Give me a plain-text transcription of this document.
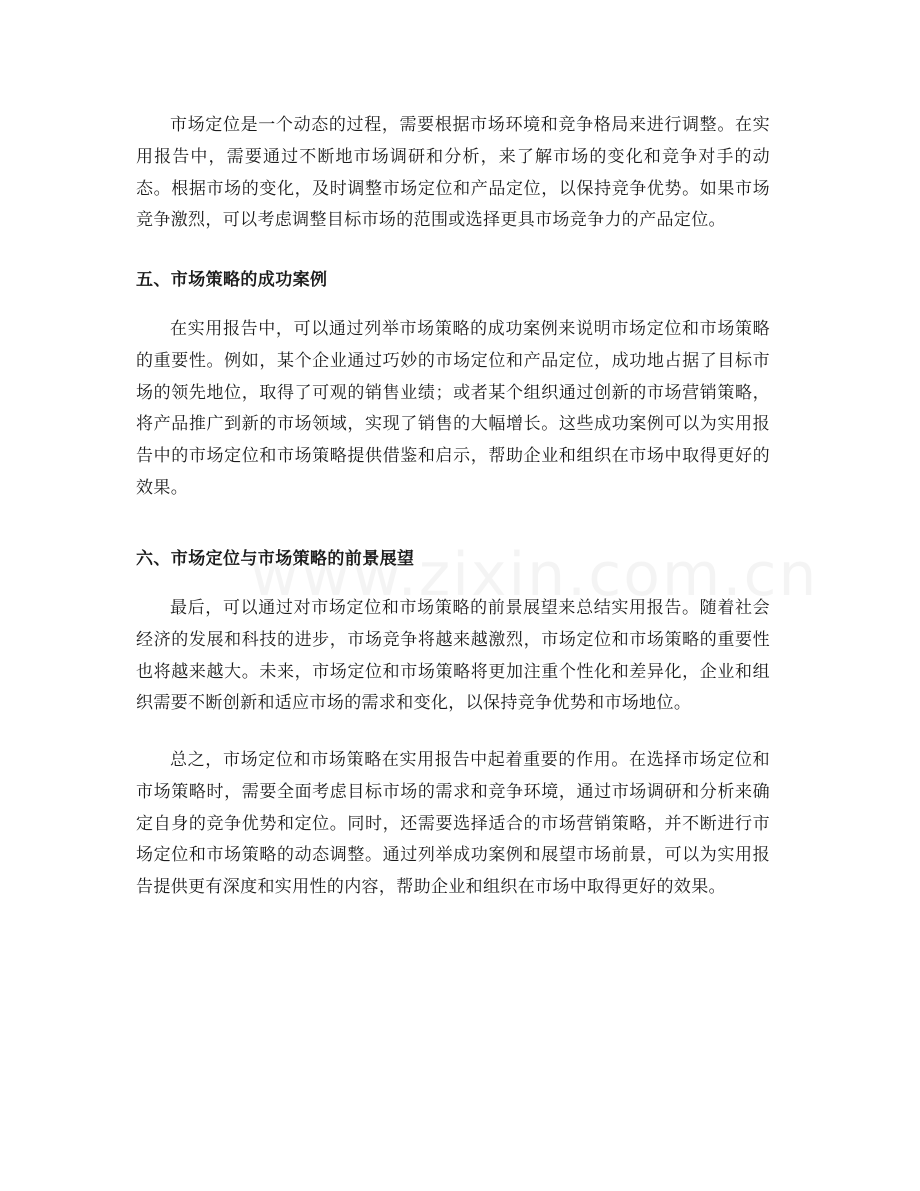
市场定位是一个动态的过程，需要根据市场环境和竞争格局来进行调整。在实用报告中，需要通过不断地市场调研和分析，来了解市场的变化和竞争对手的动态。根据市场的变化，及时调整市场定位和产品定位，以保持竞争优势。如果市场竞争激烈，可以考虑调整目标市场的范围或选择更具市场竞争力的产品定位。

五、市场策略的成功案例

在实用报告中，可以通过列举市场策略的成功案例来说明市场定位和市场策略的重要性。例如，某个企业通过巧妙的市场定位和产品定位，成功地占据了目标市场的领先地位，取得了可观的销售业绩；或者某个组织通过创新的市场营销策略，将产品推广到新的市场领域，实现了销售的大幅增长。这些成功案例可以为实用报告中的市场定位和市场策略提供借鉴和启示，帮助企业和组织在市场中取得更好的效果。

六、市场定位与市场策略的前景展望

最后，可以通过对市场定位和市场策略的前景展望来总结实用报告。随着社会经济的发展和科技的进步，市场竞争将越来越激烈，市场定位和市场策略的重要性也将越来越大。未来，市场定位和市场策略将更加注重个性化和差异化，企业和组织需要不断创新和适应市场的需求和变化，以保持竞争优势和市场地位。

总之，市场定位和市场策略在实用报告中起着重要的作用。在选择市场定位和市场策略时，需要全面考虑目标市场的需求和竞争环境，通过市场调研和分析来确定自身的竞争优势和定位。同时，还需要选择适合的市场营销策略，并不断进行市场定位和市场策略的动态调整。通过列举成功案例和展望市场前景，可以为实用报告提供更有深度和实用性的内容，帮助企业和组织在市场中取得更好的效果。
